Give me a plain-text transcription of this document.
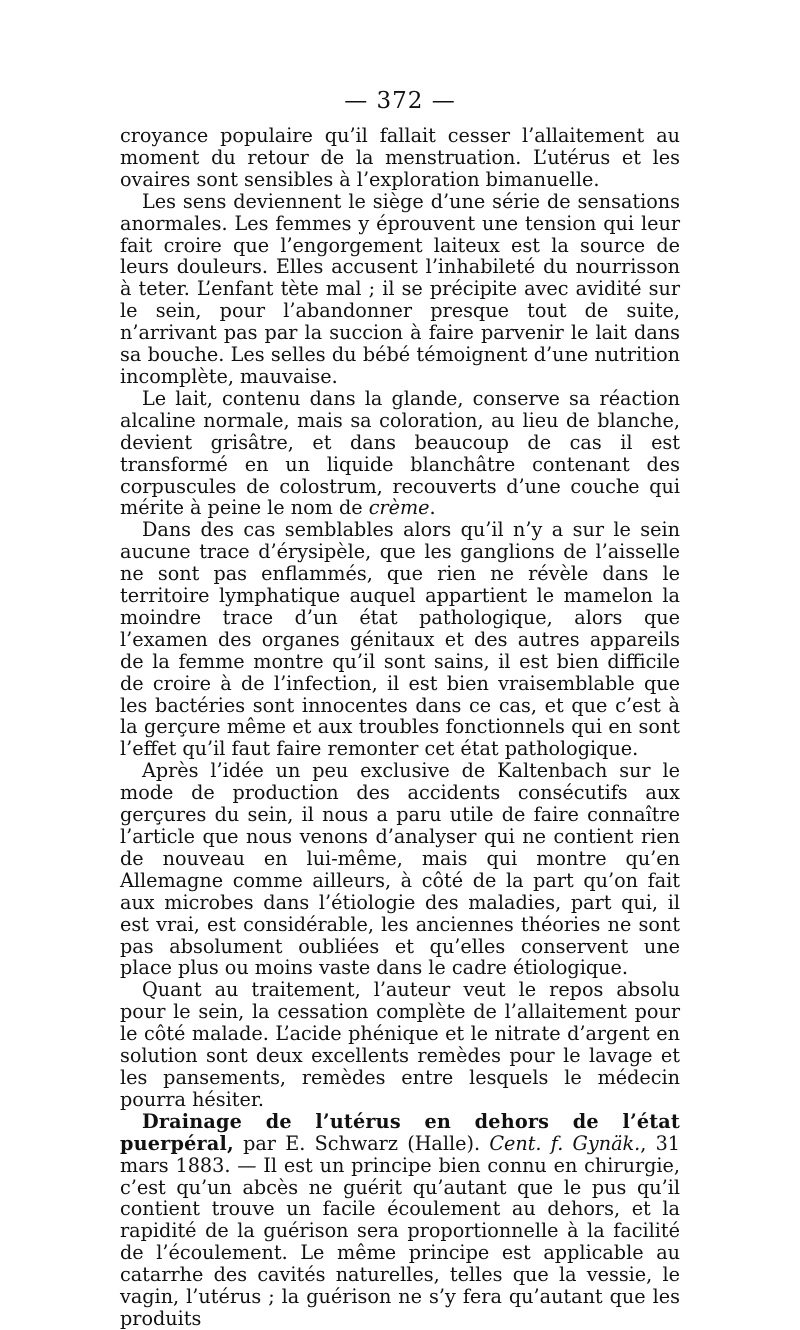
— 372 —

croyance populaire qu’il fallait cesser l’allaitement au moment du retour de la menstruation. L’utérus et les ovaires sont sensibles à l’exploration bimanuelle.

Les sens deviennent le siège d’une série de sensations anormales. Les femmes y éprouvent une tension qui leur fait croire que l’engorgement laiteux est la source de leurs douleurs. Elles accusent l’inhabileté du nourrisson à teter. L’enfant tète mal ; il se précipite avec avidité sur le sein, pour l’abandonner presque tout de suite, n’arrivant pas par la succion à faire parvenir le lait dans sa bouche. Les selles du bébé témoignent d’une nutrition incomplète, mauvaise.

Le lait, contenu dans la glande, conserve sa réaction alcaline normale, mais sa coloration, au lieu de blanche, devient grisâtre, et dans beaucoup de cas il est transformé en un liquide blanchâtre contenant des corpuscules de colostrum, recouverts d’une couche qui mérite à peine le nom de crème.

Dans des cas semblables alors qu’il n’y a sur le sein aucune trace d’érysipèle, que les ganglions de l’aisselle ne sont pas enflammés, que rien ne révèle dans le territoire lymphatique auquel appartient le mamelon la moindre trace d’un état pathologique, alors que l’examen des organes génitaux et des autres appareils de la femme montre qu’il sont sains, il est bien difficile de croire à de l’infection, il est bien vraisemblable que les bactéries sont innocentes dans ce cas, et que c’est à la gerçure même et aux troubles fonctionnels qui en sont l’effet qu’il faut faire remonter cet état pathologique.

Après l’idée un peu exclusive de Kaltenbach sur le mode de production des accidents consécutifs aux gerçures du sein, il nous a paru utile de faire connaître l’article que nous venons d’analyser qui ne contient rien de nouveau en lui-même, mais qui montre qu’en Allemagne comme ailleurs, à côté de la part qu’on fait aux microbes dans l’étiologie des maladies, part qui, il est vrai, est considérable, les anciennes théories ne sont pas absolument oubliées et qu’elles conservent une place plus ou moins vaste dans le cadre étiologique.

Quant au traitement, l’auteur veut le repos absolu pour le sein, la cessation complète de l’allaitement pour le côté malade. L’acide phénique et le nitrate d’argent en solution sont deux excellents remèdes pour le lavage et les pansements, remèdes entre lesquels le médecin pourra hésiter.

Drainage de l’utérus en dehors de l’état puerpéral, par E. Schwarz (Halle). Cent. f. Gynäk., 31 mars 1883. — Il est un principe bien connu en chirurgie, c’est qu’un abcès ne guérit qu’autant que le pus qu’il contient trouve un facile écoulement au dehors, et la rapidité de la guérison sera proportionnelle à la facilité de l’écoulement. Le même principe est applicable au catarrhe des cavités naturelles, telles que la vessie, le vagin, l’utérus ; la guérison ne s’y fera qu’autant que les produits
